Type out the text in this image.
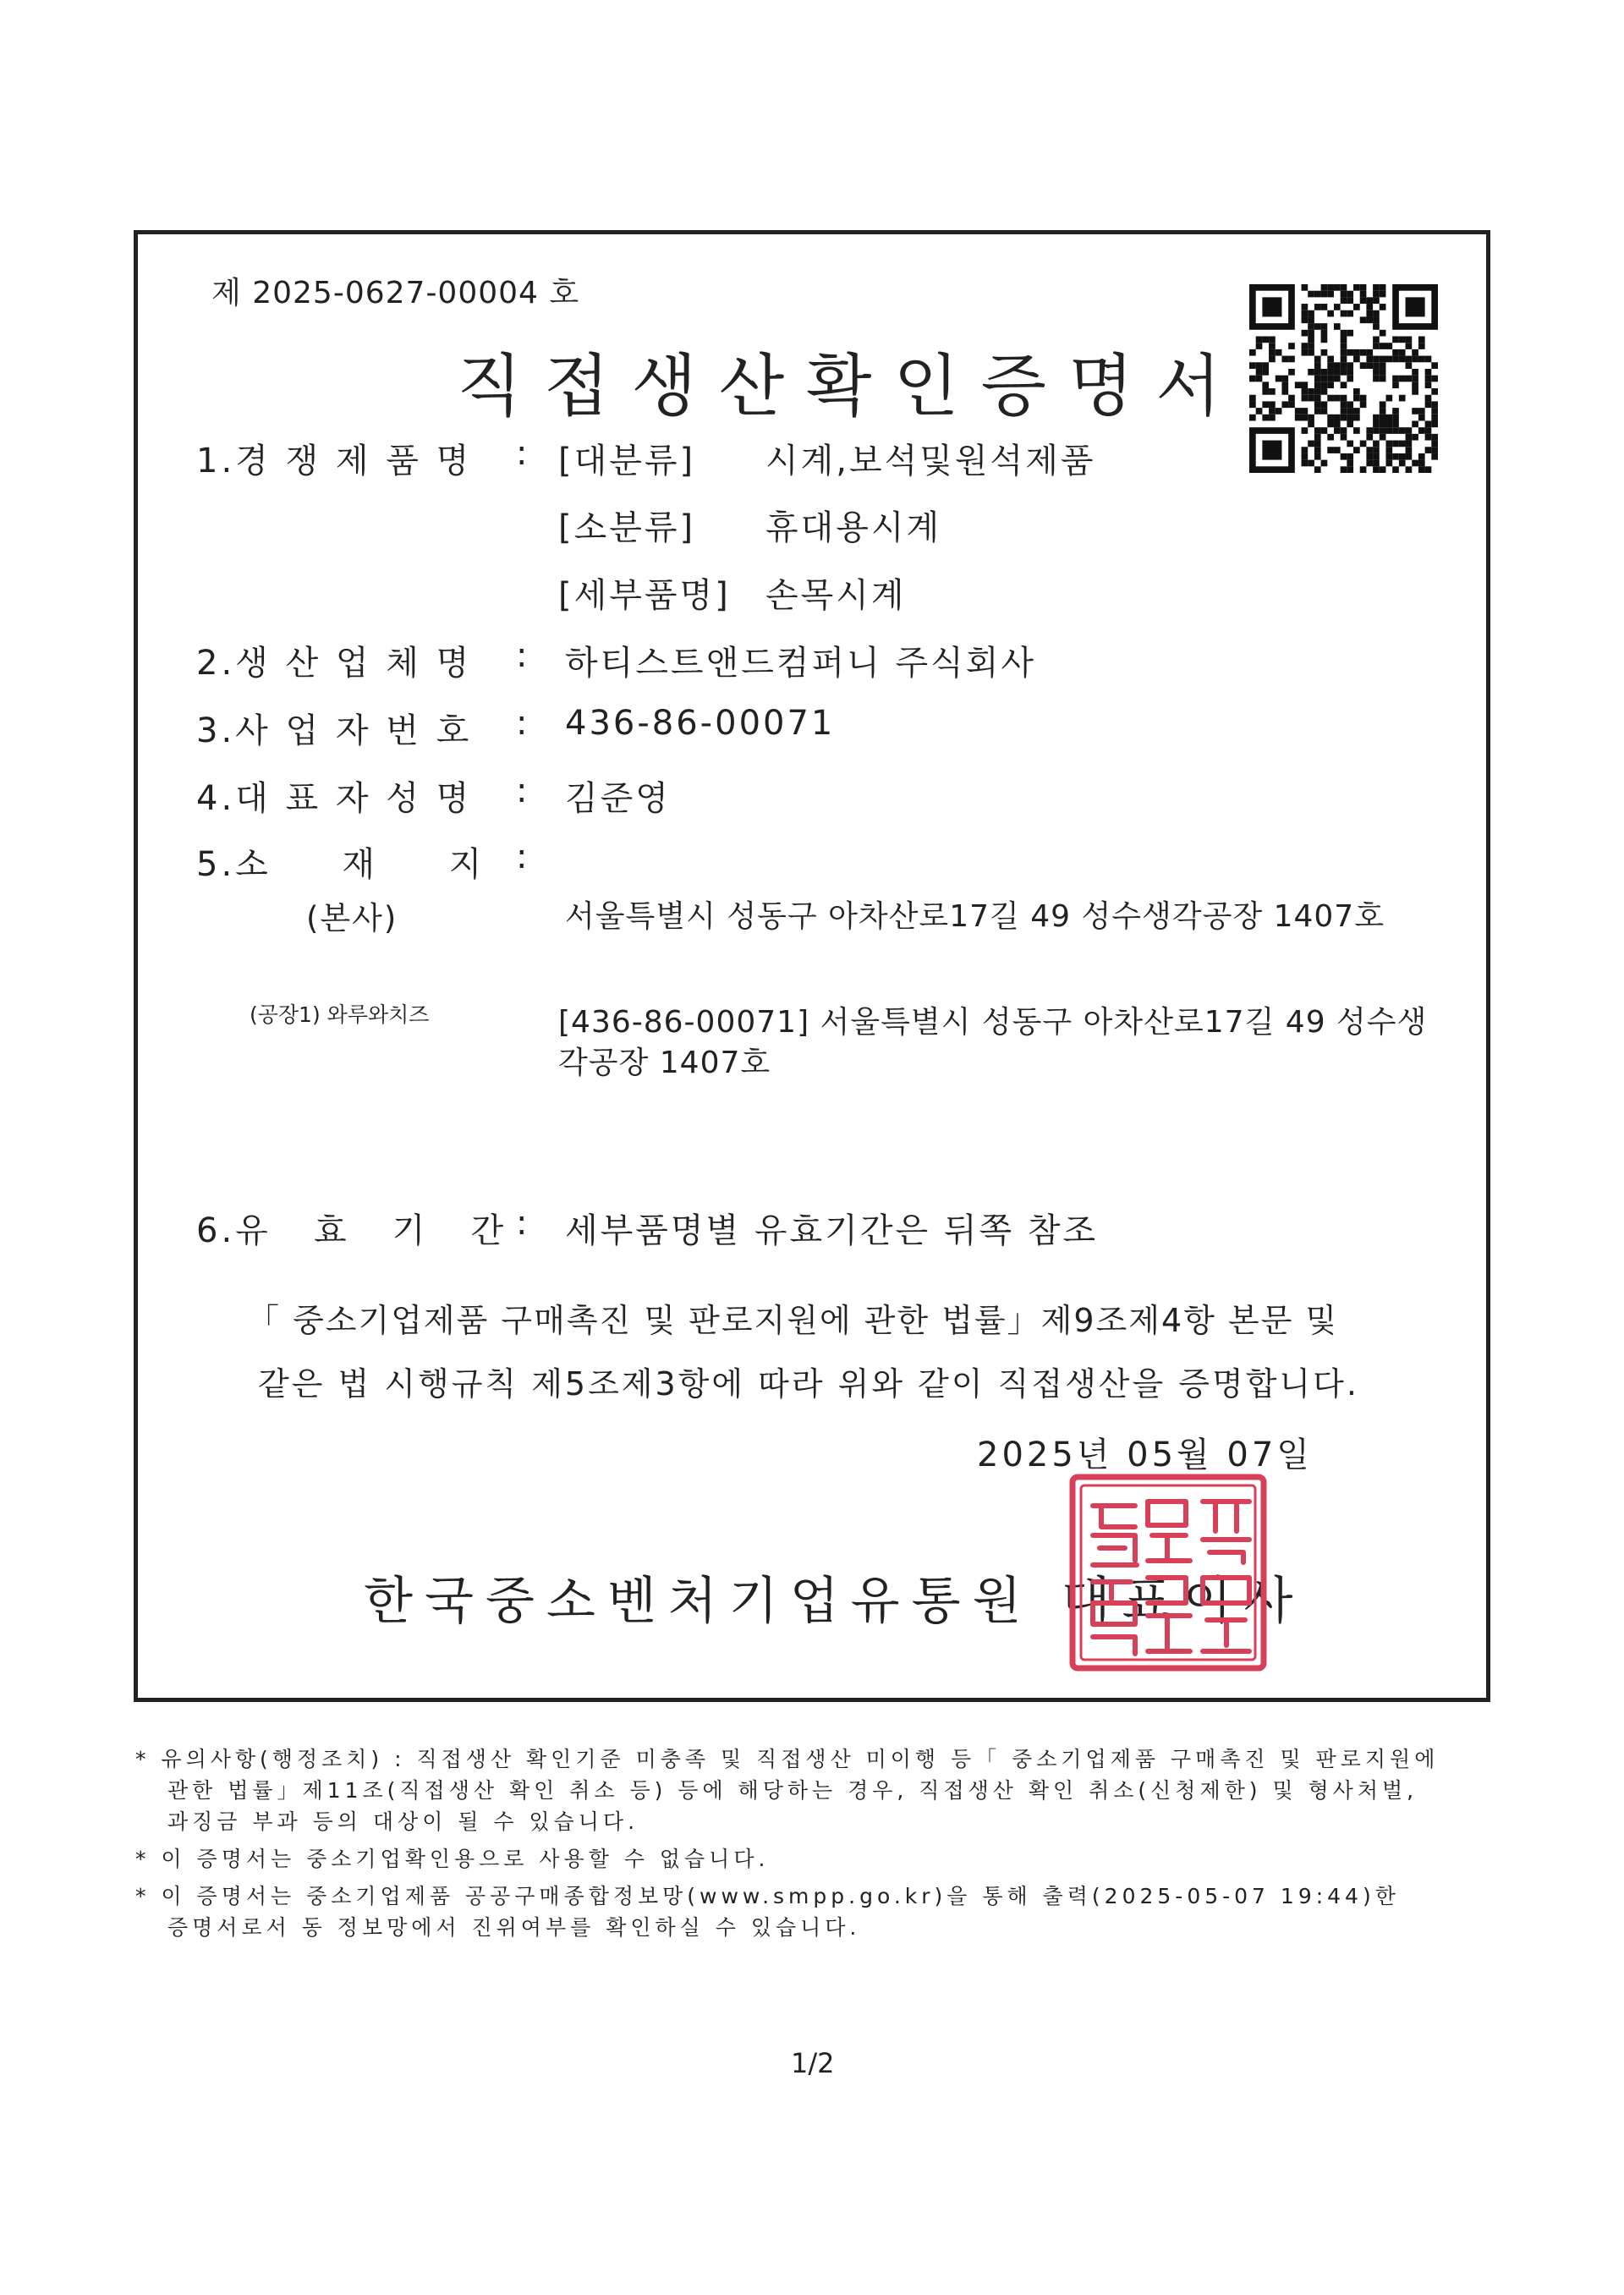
제 2025-0627-00004 호
직접생산확인증명서
1.경 쟁 제 품 명 : [대분류] 시계,보석및원석제품
[소분류] 휴대용시계
[세부품명] 손목시계
2.생 산 업 체 명 : 하티스트앤드컴퍼니 주식회사
3.사 업 자 번 호 : 436-86-00071
4.대 표 자 성 명 : 김준영
5.소     재     지 :
(본사)	서울특별시 성동구 아차산로17길 49 성수생각공장 1407호
(공장1) 와루와치즈	[436-86-00071] 서울특별시 성동구 아차산로17길 49 성수생
각공장 1407호
6.유   효   기   간 : 세부품명별 유효기간은 뒤쪽 참조
「 중소기업제품 구매촉진 및 판로지원에 관한 법률」제9조제4항 본문 및
같은 법 시행규칙 제5조제3항에 따라 위와 같이 직접생산을 증명합니다.
2025년 05월 07일
한국중소벤처기업유통원 대표이사
* 유의사항(행정조치) : 직접생산 확인기준 미충족 및 직접생산 미이행 등「 중소기업제품 구매촉진 및 판로지원에
관한 법률」제11조(직접생산 확인 취소 등) 등에 해당하는 경우, 직접생산 확인 취소(신청제한) 및 형사처벌,
과징금 부과 등의 대상이 될 수 있습니다.
* 이 증명서는 중소기업확인용으로 사용할 수 없습니다.
* 이 증명서는 중소기업제품 공공구매종합정보망(www.smpp.go.kr)을 통해 출력(2025-05-07 19:44)한
증명서로서 동 정보망에서 진위여부를 확인하실 수 있습니다.
1/2
